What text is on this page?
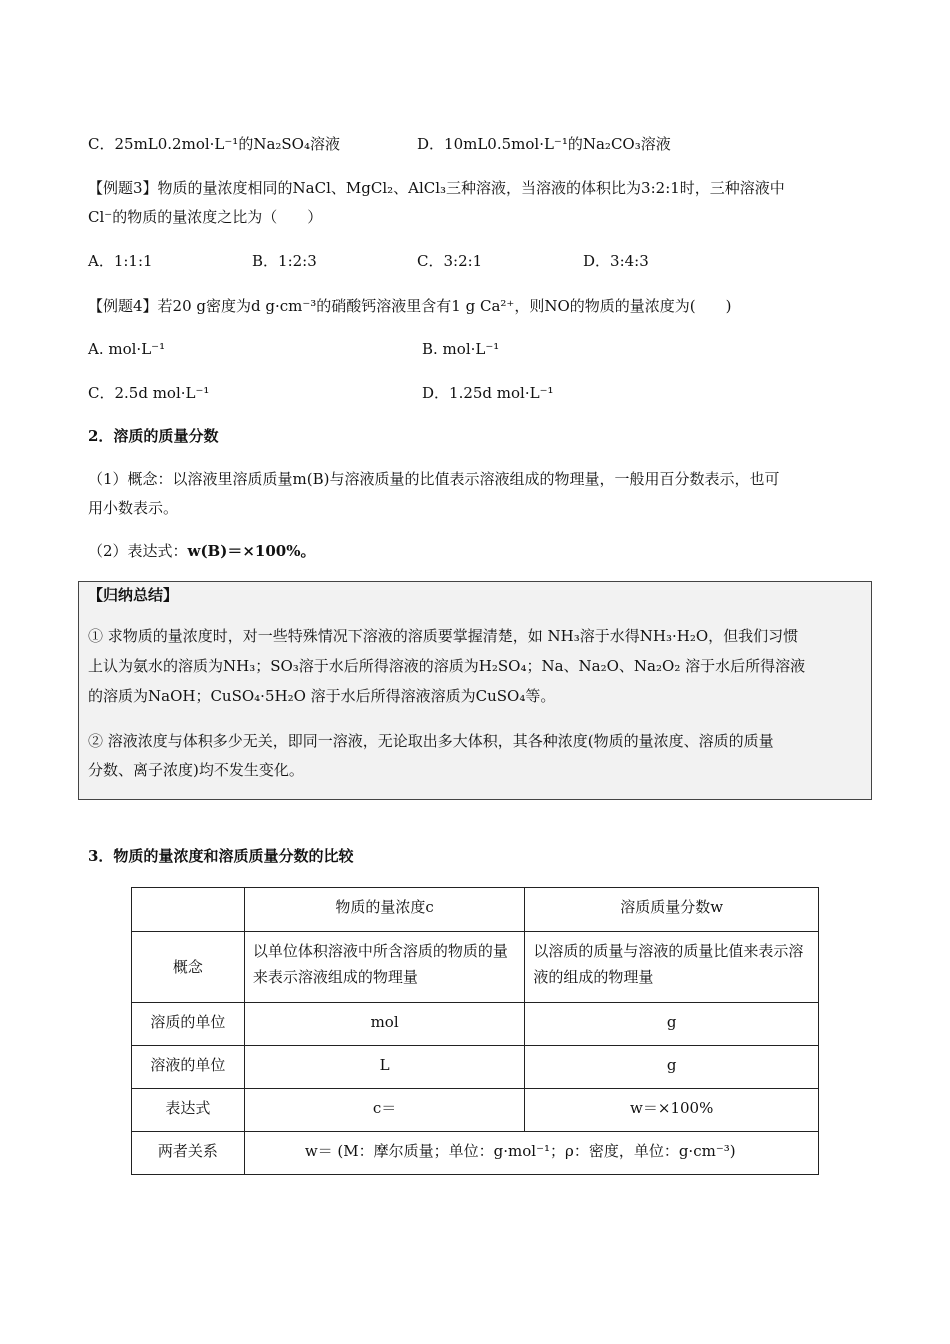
C．25mL0.2mol·L⁻¹的Na₂SO₄溶液	D．10mL0.5mol·L⁻¹的Na₂CO₃溶液
【例题3】物质的量浓度相同的NaCl、MgCl₂、AlCl₃三种溶液，当溶液的体积比为3:2:1时，三种溶液中
Cl⁻的物质的量浓度之比为（　　）
A．1:1:1	B．1:2:3	C．3:2:1	D．3:4:3
【例题4】若20 g密度为d g·cm⁻³的硝酸钙溶液里含有1 g Ca²⁺，则NO的物质的量浓度为(　　)
A. mol·L⁻¹	B. mol·L⁻¹
C．2.5d mol·L⁻¹	D．1.25d mol·L⁻¹
2．溶质的质量分数
（1）概念：以溶液里溶质质量m(B)与溶液质量的比值表示溶液组成的物理量，一般用百分数表示，也可
用小数表示。
（2）表达式：w(B)＝×100%。
【归纳总结】
① 求物质的量浓度时，对一些特殊情况下溶液的溶质要掌握清楚，如 NH₃溶于水得NH₃·H₂O，但我们习惯
上认为氨水的溶质为NH₃；SO₃溶于水后所得溶液的溶质为H₂SO₄；Na、Na₂O、Na₂O₂ 溶于水后所得溶液
的溶质为NaOH；CuSO₄·5H₂O 溶于水后所得溶液溶质为CuSO₄等。
② 溶液浓度与体积多少无关，即同一溶液，无论取出多大体积，其各种浓度(物质的量浓度、溶质的质量
分数、离子浓度)均不发生变化。
3．物质的量浓度和溶质质量分数的比较
	物质的量浓度c	溶质质量分数w
概念	以单位体积溶液中所含溶质的物质的量来表示溶液组成的物理量	以溶质的质量与溶液的质量比值来表示溶液的组成的物理量
溶质的单位	mol	g
溶液的单位	L	g
表达式	c＝	w＝×100%
两者关系	w＝ (M：摩尔质量；单位：g·mol⁻¹；ρ：密度，单位：g·cm⁻³)	
